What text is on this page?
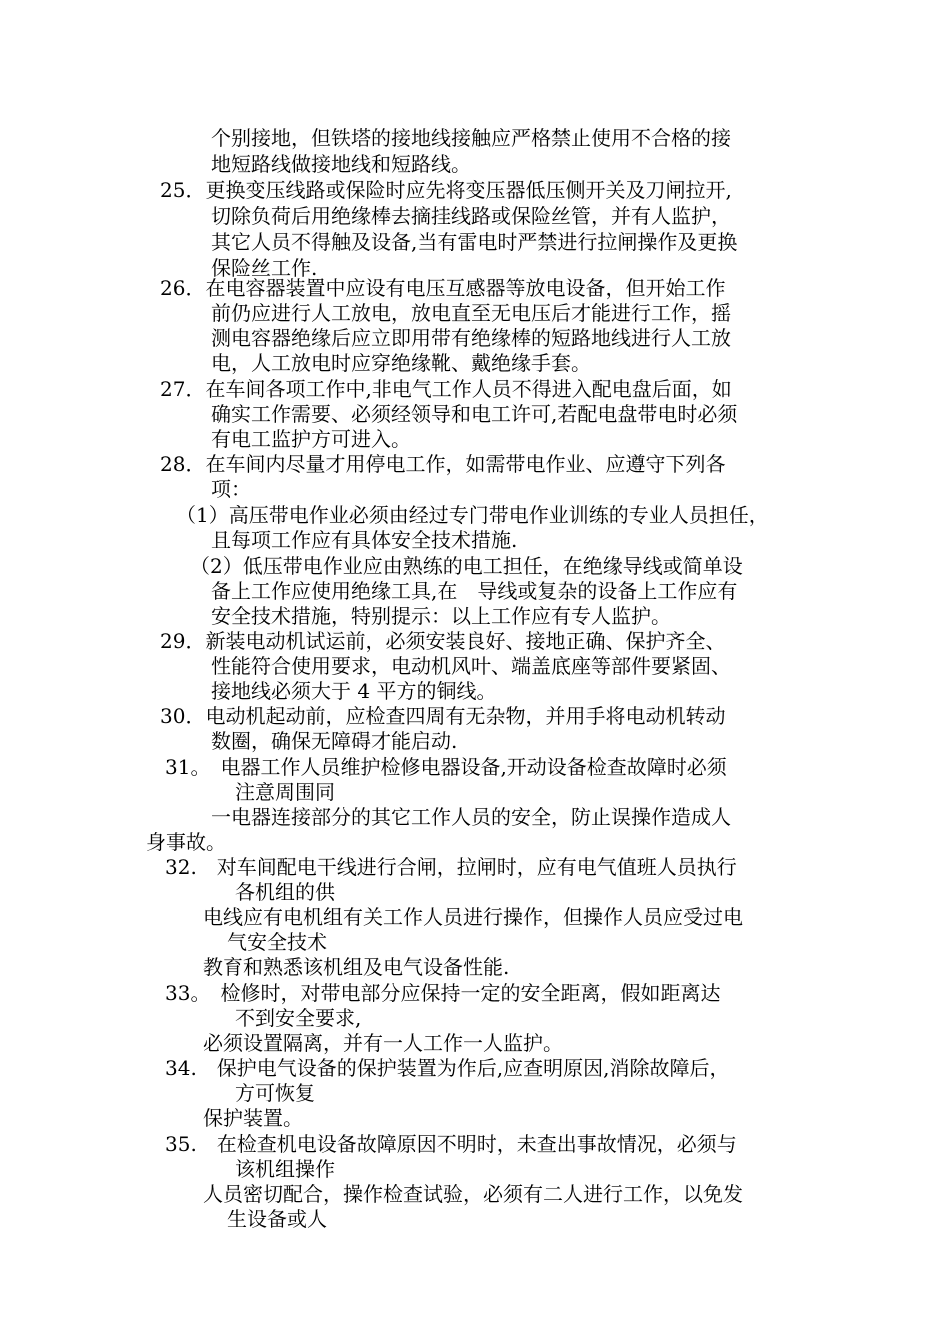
个别接地，但铁塔的接地线接触应严格禁止使用不合格的接
地短路线做接地线和短路线。
25．更换变压线路或保险时应先将变压器低压侧开关及刀闸拉开,
切除负荷后用绝缘棒去摘挂线路或保险丝管，并有人监护，
其它人员不得触及设备,当有雷电时严禁进行拉闸操作及更换
保险丝工作.
26．在电容器装置中应设有电压互感器等放电设备，但开始工作
前仍应进行人工放电，放电直至无电压后才能进行工作，摇
测电容器绝缘后应立即用带有绝缘棒的短路地线进行人工放
电，人工放电时应穿绝缘靴、戴绝缘手套。
27．在车间各项工作中,非电气工作人员不得进入配电盘后面，如
确实工作需要、必须经领导和电工许可,若配电盘带电时必须
有电工监护方可进入。
28．在车间内尽量才用停电工作，如需带电作业、应遵守下列各
项：
（1）高压带电作业必须由经过专门带电作业训练的专业人员担任，
且每项工作应有具体安全技术措施.
（2）低压带电作业应由熟练的电工担任，在绝缘导线或简单设
备上工作应使用绝缘工具,在　导线或复杂的设备上工作应有
安全技术措施，特别提示：以上工作应有专人监护。
29．新装电动机试运前，必须安装良好、接地正确、保护齐全、
性能符合使用要求，电动机风叶、端盖底座等部件要紧固、
接地线必须大于 4 平方的铜线。
30．电动机起动前，应检查四周有无杂物，并用手将电动机转动
数圈，确保无障碍才能启动.
31。　电器工作人员维护检修电器设备,开动设备检查故障时必须
注意周围同
一电器连接部分的其它工作人员的安全，防止误操作造成人
身事故。
32.　对车间配电干线进行合闸，拉闸时，应有电气值班人员执行
各机组的供
电线应有电机组有关工作人员进行操作，但操作人员应受过电
气安全技术
教育和熟悉该机组及电气设备性能.
33。　检修时，对带电部分应保持一定的安全距离，假如距离达
不到安全要求,
必须设置隔离，并有一人工作一人监护。
34.　保护电气设备的保护装置为作后,应查明原因,消除故障后，
方可恢复
保护装置。
35.　在检查机电设备故障原因不明时，未查出事故情况，必须与
该机组操作
人员密切配合，操作检查试验，必须有二人进行工作，以免发
生设备或人
